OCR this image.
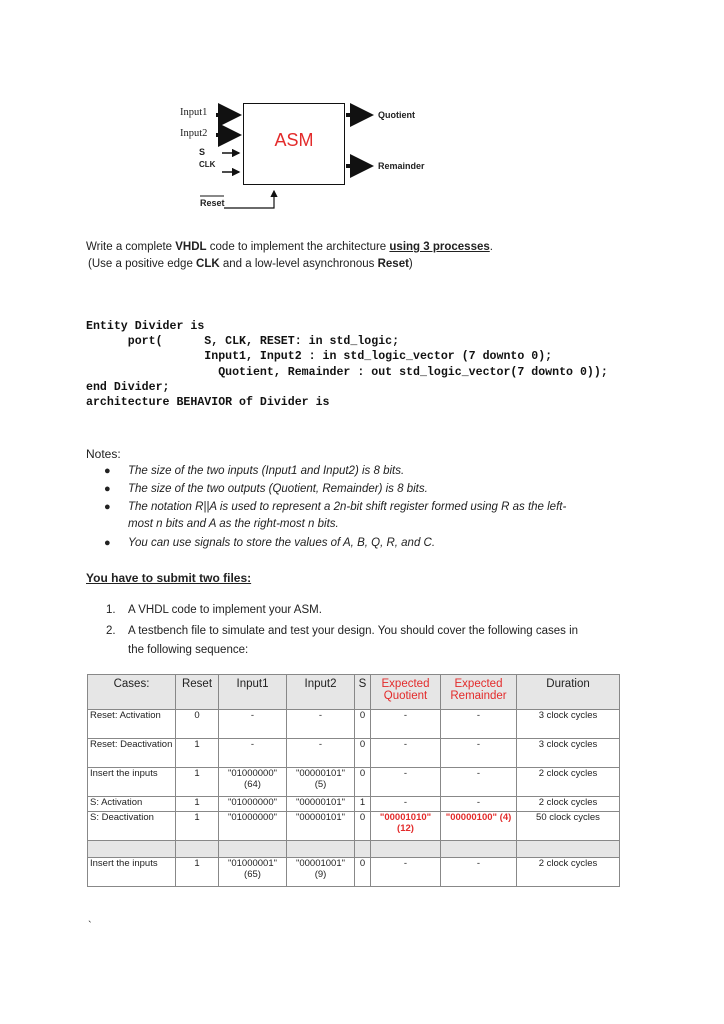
Input1
Input2
S
CLK
ASM
Quotient
Remainder
Reset
Write a complete VHDL code to implement the architecture using 3 processes.
(Use a positive edge CLK and a low-level asynchronous Reset)
Entity Divider is
port(      S, CLK, RESET: in std_logic;
Input1, Input2 : in std_logic_vector (7 downto 0);
Quotient, Remainder : out std_logic_vector(7 downto 0));
end Divider;
architecture BEHAVIOR of Divider is
Notes:
● The size of the two inputs (Input1 and Input2) is 8 bits.
● The size of the two outputs (Quotient, Remainder) is 8 bits.
● The notation R||A is used to represent a 2n-bit shift register formed using R as the left-
most n bits and A as the right-most n bits.
● You can use signals to store the values of A, B, Q, R, and C.
You have to submit two files:
1. A VHDL code to implement your ASM.
2. A testbench file to simulate and test your design. You should cover the following cases in
the following sequence:
Cases:	Reset	Input1	Input2	S	Expected Quotient	Expected Remainder	Duration
Reset: Activation	0	-	-	0	-	-	3 clock cycles
Reset: Deactivation	1	-	-	0	-	-	3 clock cycles
Insert the inputs	1	"01000000" (64)	"00000101" (5)	0	-	-	2 clock cycles
S: Activation	1	"01000000"	"00000101"	1	-	-	2 clock cycles
S: Deactivation	1	"01000000"	"00000101"	0	"00001010" (12)	"00000100" (4)	50 clock cycles

Insert the inputs	1	"01000001" (65)	"00001001" (9)	0	-	-	2 clock cycles
`
